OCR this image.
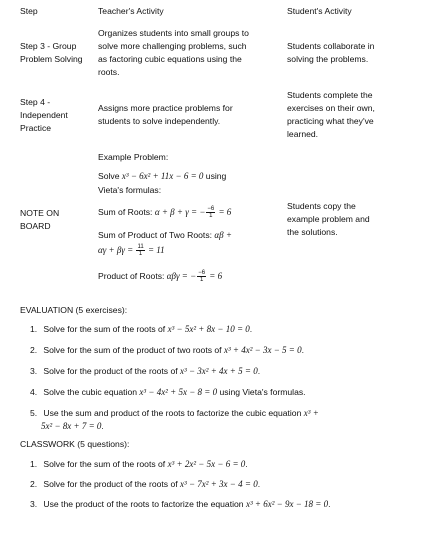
Step	Teacher's Activity	Student's Activity
Step 3 - Group
Problem Solving
Organizes students into small groups to
solve more challenging problems, such
as factoring cubic equations using the
roots.
Students collaborate in
solving the problems.
Step 4 -
Independent
Practice
Assigns more practice problems for
students to solve independently.
Students complete the
exercises on their own,
practicing what they've
learned.
NOTE ON
BOARD
Example Problem:
Solve x³ − 6x² + 11x − 6 = 0 using
Vieta's formulas:
Sum of Roots: α + β + γ = − $\frac{-6}{1} = 6$
Sum of Product of Two Roots: αβ +
$\alpha\gamma + \beta\gamma = \frac{11}{1} = 11$
Product of Roots: αβγ = − $\frac{-6}{1} = 6$
Students copy the
example problem and
the solutions.
EVALUATION (5 exercises):
1. Solve for the sum of the roots of x³ − 5x² + 8x − 10 = 0.
2. Solve for the sum of the product of two roots of x³ + 4x² − 3x − 5 = 0.
3. Solve for the product of the roots of x³ − 3x² + 4x + 5 = 0.
4. Solve the cubic equation x³ − 4x² + 5x − 8 = 0 using Vieta's formulas.
5. Use the sum and product of the roots to factorize the cubic equation x³ +
5x² − 8x + 7 = 0.
CLASSWORK (5 questions):
1. Solve for the sum of the roots of x³ + 2x² − 5x − 6 = 0.
2. Solve for the product of the roots of x³ − 7x² + 3x − 4 = 0.
3. Use the product of the roots to factorize the equation x³ + 6x² − 9x − 18 = 0.
